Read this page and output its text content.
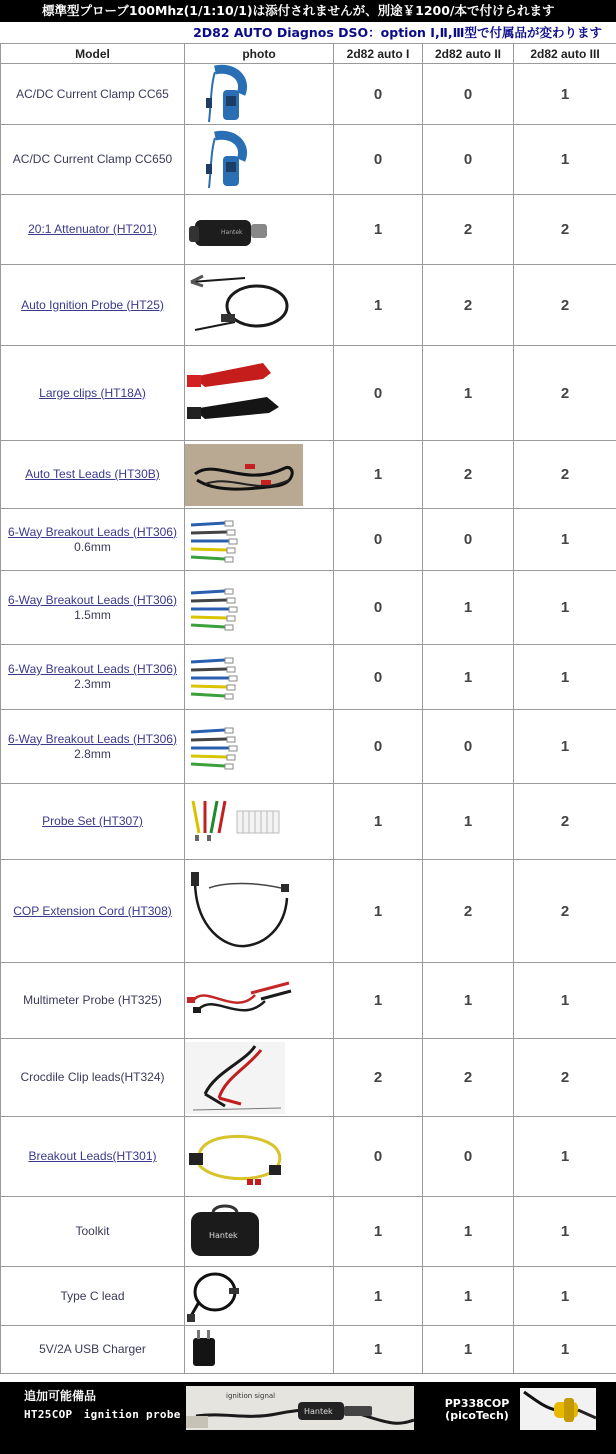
標準型プローブ100Mhz(1/1:10/1)は添付されませんが、別途￥1200/本で付けられます
2D82 AUTO Diagnos DSO：option Ⅰ,Ⅱ,Ⅲ型で付属品が変わります
Model	photo	2d82 auto I	2d82 auto II	2d82 auto III
AC/DC Current Clamp CC65		0	0	1
AC/DC Current Clamp CC650		0	0	1
20:1 Attenuator (HT201)	Hantek	1	2	2
Auto Ignition Probe (HT25)		1	2	2
Large clips (HT18A)		0	1	2
Auto Test Leads (HT30B)		1	2	2
6-Way Breakout Leads (HT306) 0.6mm		0	0	1
6-Way Breakout Leads (HT306) 1.5mm		0	1	1
6-Way Breakout Leads (HT306) 2.3mm		0	1	1
6-Way Breakout Leads (HT306) 2.8mm		0	0	1
Probe Set (HT307)		1	1	2
COP Extension Cord (HT308)		1	2	2
Multimeter Probe (HT325)		1	1	1
Crocdile Clip leads(HT324)		2	2	2
Breakout Leads(HT301)		0	0	1
Toolkit	Hantek	1	1	1
Type C lead		1	1	1
5V/2A USB Charger		1	1	1
追加可能備品
HT25COP　ignition probe	Hantek
ignition signal
PP338COP
(picoTech)
